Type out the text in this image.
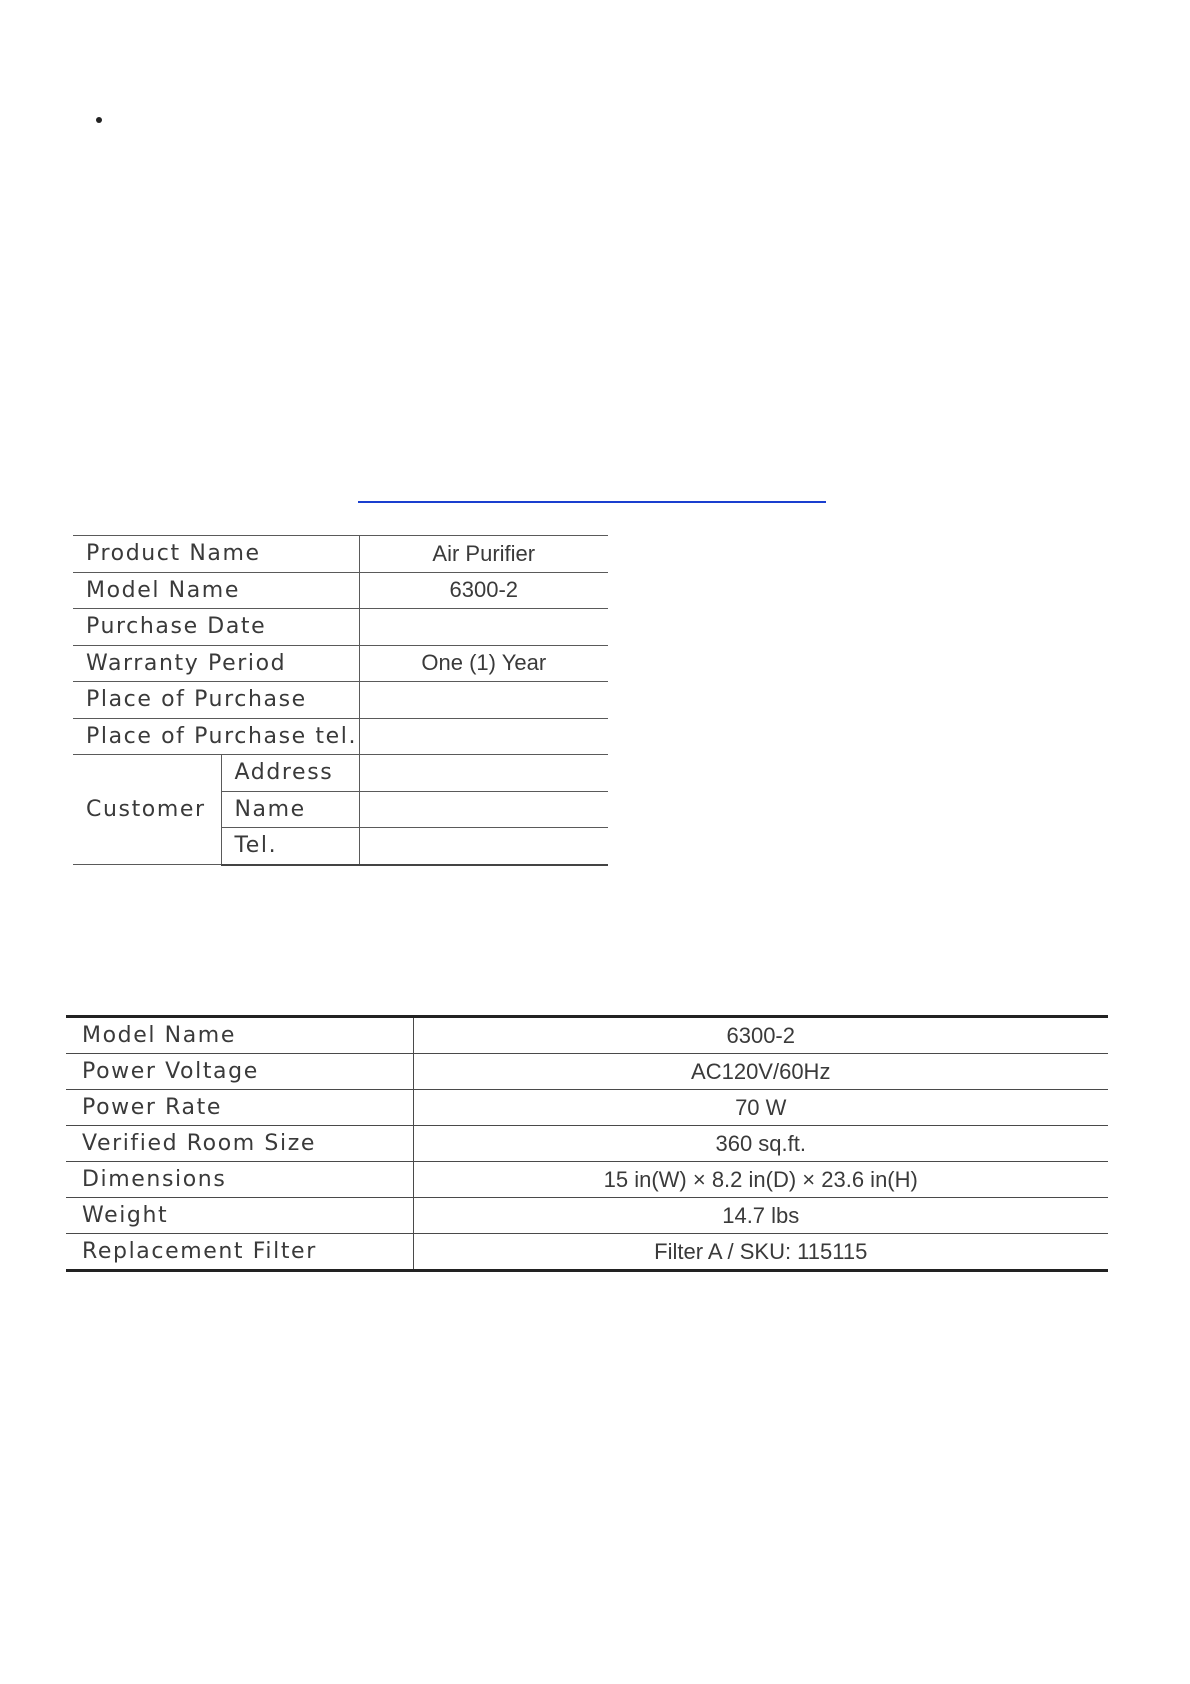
Product Name		Air Purifier
Model Name		6300-2
Purchase Date		
Warranty Period		One (1) Year
Place of Purchase		
Place of Purchase tel.		
Customer	Address	
	Name	
	Tel.	
Model Name	6300-2
Power Voltage	AC120V/60Hz
Power Rate	70 W
Verified Room Size	360 sq.ft.
Dimensions	15 in(W) × 8.2 in(D) × 23.6 in(H)
Weight	14.7 lbs
Replacement Filter	Filter A / SKU: 115115
